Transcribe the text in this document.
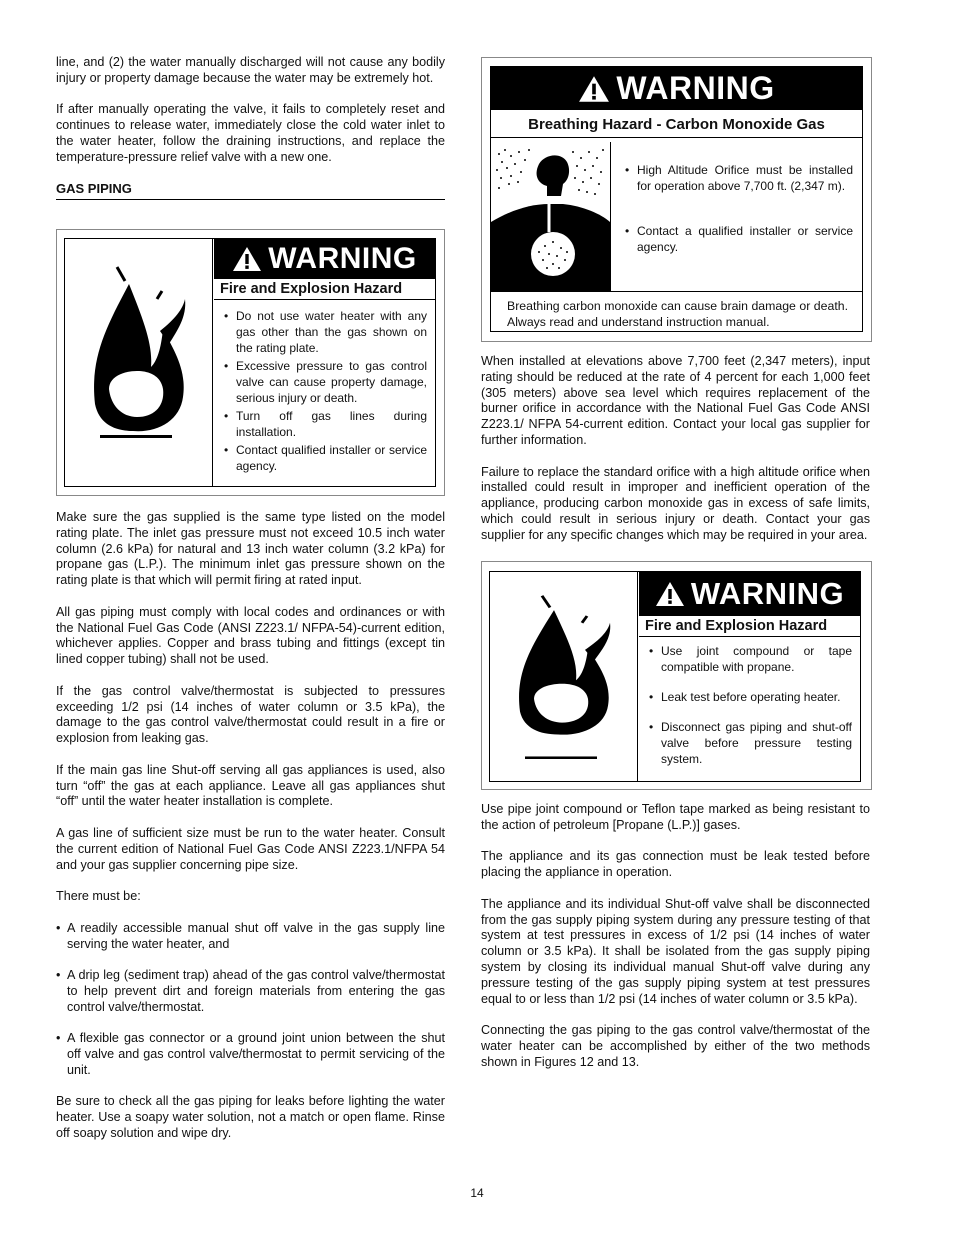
line, and (2) the water manually discharged will not cause any bodily injury or property damage because the water may be extremely hot.

If after manually operating the valve, it fails to completely reset and continues to release water, immediately close the cold water inlet to the water heater, follow the draining instructions, and replace the temperature-pressure relief valve with a new one.

GAS PIPING

Make sure the gas supplied is the same type listed on the model rating plate. The inlet gas pressure must not exceed 10.5 inch water column (2.6 kPa) for natural and 13 inch water column (3.2 kPa) for propane gas (L.P.). The minimum inlet gas pressure shown on the rating plate is that which will permit firing at rated input.

All gas piping must comply with local codes and ordinances or with the National Fuel Gas Code (ANSI Z223.1/ NFPA-54)-current edition, whichever applies. Copper and brass tubing and fittings (except tin lined copper tubing) shall not be used.

If the gas control valve/thermostat is subjected to pressures exceeding 1/2 psi (14 inches of water column or 3.5 kPa), the damage to the gas control valve/thermostat could result in a fire or explosion from leaking gas.

If the main gas line Shut-off serving all gas appliances is used, also turn “off” the gas at each appliance. Leave all gas appliances shut “off” until the water heater installation is complete.

A gas line of sufficient size must be run to the water heater. Consult the current edition of National Fuel Gas Code ANSI Z223.1/NFPA 54 and your gas supplier concerning pipe size.

There must be:

• A readily accessible manual shut off valve in the gas supply line serving the water heater, and
• A drip leg (sediment trap) ahead of the gas control valve/thermostat to help prevent dirt and foreign materials from entering the gas control valve/thermostat.
• A flexible gas connector or a ground joint union between the shut off valve and gas control valve/thermostat to permit servicing of the unit.

Be sure to check all the gas piping for leaks before lighting the water heater. Use a soapy water solution, not a match or open flame. Rinse off soapy solution and wipe dry.

WARNING
Fire and Explosion Hazard
• Do not use water heater with any gas other than the gas shown on the rating plate.
• Excessive pressure to gas control valve can cause property damage, serious injury or death.
• Turn off gas lines during installation.
• Contact qualified installer or service agency.
WARNING
Breathing Hazard - Carbon Monoxide Gas
• High Altitude Orifice must be installed for operation above 7,700 ft. (2,347 m).
• Contact a qualified installer or service agency.
Breathing carbon monoxide can cause brain damage or death. Always read and understand instruction manual.

When installed at elevations above 7,700 feet (2,347 meters), input rating should be reduced at the rate of 4 percent for each 1,000 feet (305 meters) above sea level which requires replacement of the burner orifice in accordance with the National Fuel Gas Code ANSI Z223.1/ NFPA 54-current edition. Contact your local gas supplier for further information.

Failure to replace the standard orifice with a high altitude orifice when installed could result in improper and inefficient operation of the appliance, producing carbon monoxide gas in excess of safe limits, which could result in serious injury or death. Contact your gas supplier for any specific changes which may be required in your area.

WARNING
Fire and Explosion Hazard
• Use joint compound or tape compatible with propane.
• Leak test before operating heater.
• Disconnect gas piping and shut-off valve before pressure testing system.

Use pipe joint compound or Teflon tape marked as being resistant to the action of petroleum [Propane (L.P.)] gases.

The appliance and its gas connection must be leak tested before placing the appliance in operation.

The appliance and its individual Shut-off valve shall be disconnected from the gas supply piping system during any pressure testing of that system at test pressures in excess of 1/2 psi (14 inches of water column or 3.5 kPa). It shall be isolated from the gas supply piping system by closing its individual manual Shut-off valve during any pressure testing of the gas supply piping system at test pressures equal to or less than 1/2 psi (14 inches of water column or 3.5 kPa).

Connecting the gas piping to the gas control valve/thermostat of the water heater can be accomplished by either of the two methods shown in Figures 12 and 13.

14
